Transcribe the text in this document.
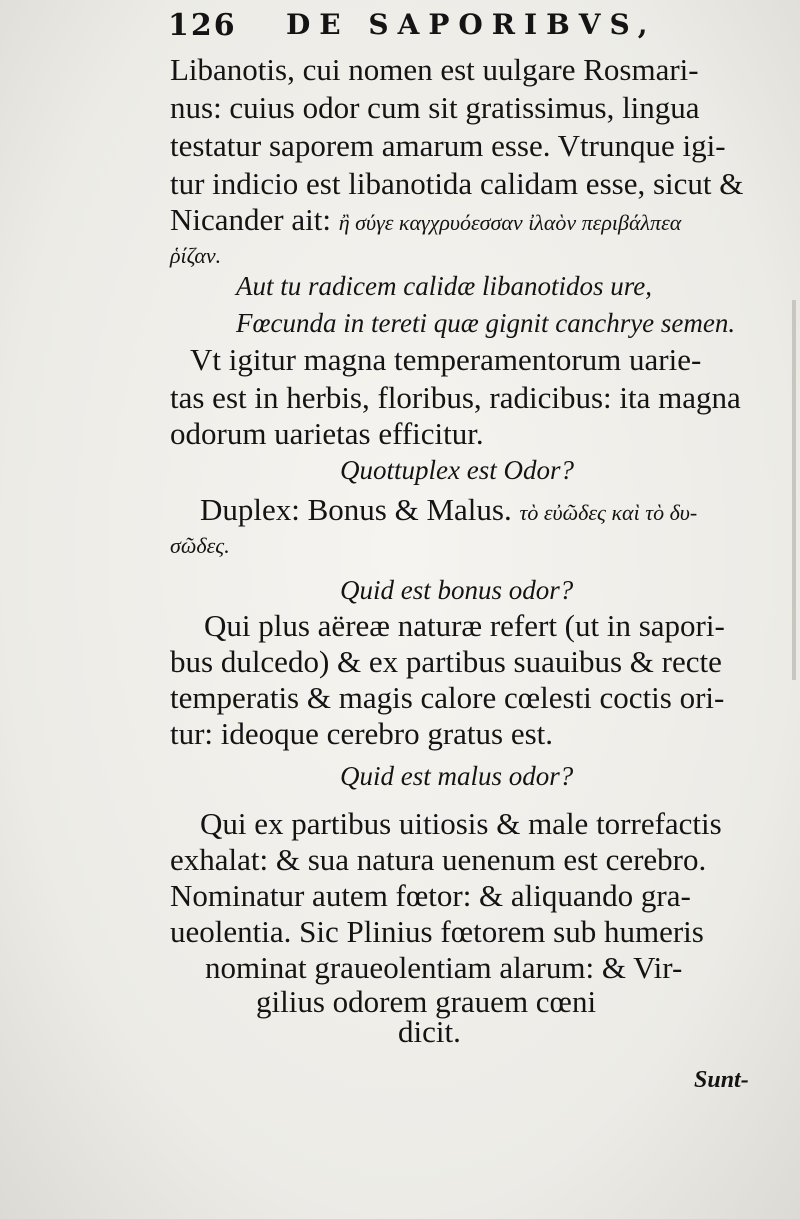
126 DE SAPORIBVS,
Libanotis, cui nomen est uulgare Rosmari-
nus: cuius odor cum sit gratissimus, lingua
testatur saporem amarum esse. Vtrunque igi-
tur indicio est libanotida calidam esse, sicut &
Nicander ait: ἢ σύγε καγχρυόεσσαν ἰλαὸν περιβάλπεα
ῥίζαν.
Aut tu radicem calidæ libanotidos ure,
Fœcunda in tereti quæ gignit canchrye semen.
Vt igitur magna temperamentorum uarie-
tas est in herbis, floribus, radicibus: ita magna
odorum uarietas efficitur.
Quottuplex est Odor?
Duplex: Bonus & Malus. τὸ εὐῶδες καὶ τὸ δυ-
σῶδες.
Quid est bonus odor?
Qui plus aëreæ naturæ refert (ut in sapori-
bus dulcedo) & ex partibus suauibus & recte
temperatis & magis calore cœlesti coctis ori-
tur: ideoque cerebro gratus est.
Quid est malus odor?
Qui ex partibus uitiosis & male torrefactis
exhalat: & sua natura uenenum est cerebro.
Nominatur autem fœtor: & aliquando gra-
ueolentia. Sic Plinius fœtorem sub humeris
nominat graueolentiam alarum: & Vir-
gilius odorem grauem cœni
dicit.
Sunt-
